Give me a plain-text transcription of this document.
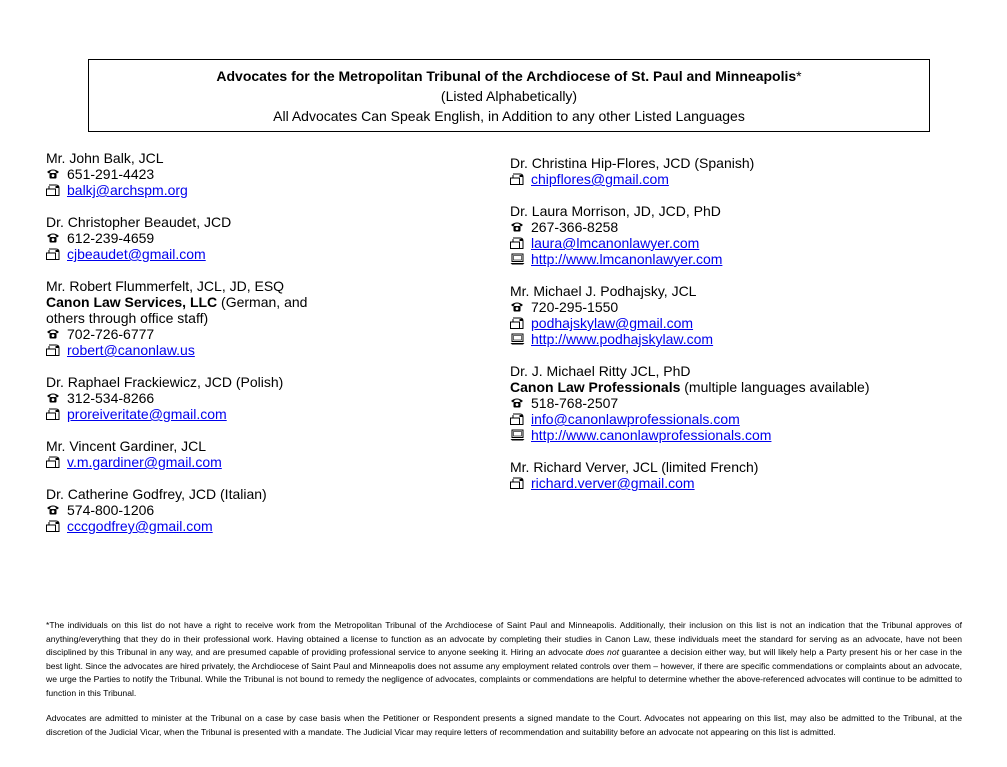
Advocates for the Metropolitan Tribunal of the Archdiocese of St. Paul and Minneapolis*
(Listed Alphabetically)
All Advocates Can Speak English, in Addition to any other Listed Languages
Mr. John Balk, JCL
651-291-4423
balkj@archspm.org
Dr. Christopher Beaudet, JCD
612-239-4659
cjbeaudet@gmail.com
Mr. Robert Flummerfelt, JCL, JD, ESQ
Canon Law Services, LLC (German, and
others through office staff)
702-726-6777
robert@canonlaw.us
Dr. Raphael Frackiewicz, JCD (Polish)
312-534-8266
proreiveritate@gmail.com
Mr. Vincent Gardiner, JCL
v.m.gardiner@gmail.com
Dr. Catherine Godfrey, JCD (Italian)
574-800-1206
cccgodfrey@gmail.com
Dr. Christina Hip-Flores, JCD (Spanish)
chipflores@gmail.com
Dr. Laura Morrison, JD, JCD, PhD
267-366-8258
laura@lmcanonlawyer.com
http://www.lmcanonlawyer.com
Mr. Michael J. Podhajsky, JCL
720-295-1550
podhajskylaw@gmail.com
http://www.podhajskylaw.com
Dr. J. Michael Ritty JCL, PhD
Canon Law Professionals (multiple languages available)
518-768-2507
info@canonlawprofessionals.com
http://www.canonlawprofessionals.com
Mr. Richard Verver, JCL (limited French)
richard.verver@gmail.com
*The individuals on this list do not have a right to receive work from the Metropolitan Tribunal of the Archdiocese of Saint Paul and Minneapolis. Additionally, their inclusion on this list is not an indication that the Tribunal approves of anything/everything that they do in their professional work. Having obtained a license to function as an advocate by completing their studies in Canon Law, these individuals meet the standard for serving as an advocate, have not been disciplined by this Tribunal in any way, and are presumed capable of providing professional service to anyone seeking it. Hiring an advocate does not guarantee a decision either way, but will likely help a Party present his or her case in the best light. Since the advocates are hired privately, the Archdiocese of Saint Paul and Minneapolis does not assume any employment related controls over them – however, if there are specific commendations or complaints about an advocate, we urge the Parties to notify the Tribunal. While the Tribunal is not bound to remedy the negligence of advocates, complaints or commendations are helpful to determine whether the above-referenced advocates will continue to be admitted to function in this Tribunal.
Advocates are admitted to minister at the Tribunal on a case by case basis when the Petitioner or Respondent presents a signed mandate to the Court. Advocates not appearing on this list, may also be admitted to the Tribunal, at the discretion of the Judicial Vicar, when the Tribunal is presented with a mandate. The Judicial Vicar may require letters of recommendation and suitability before an advocate not appearing on this list is admitted.
